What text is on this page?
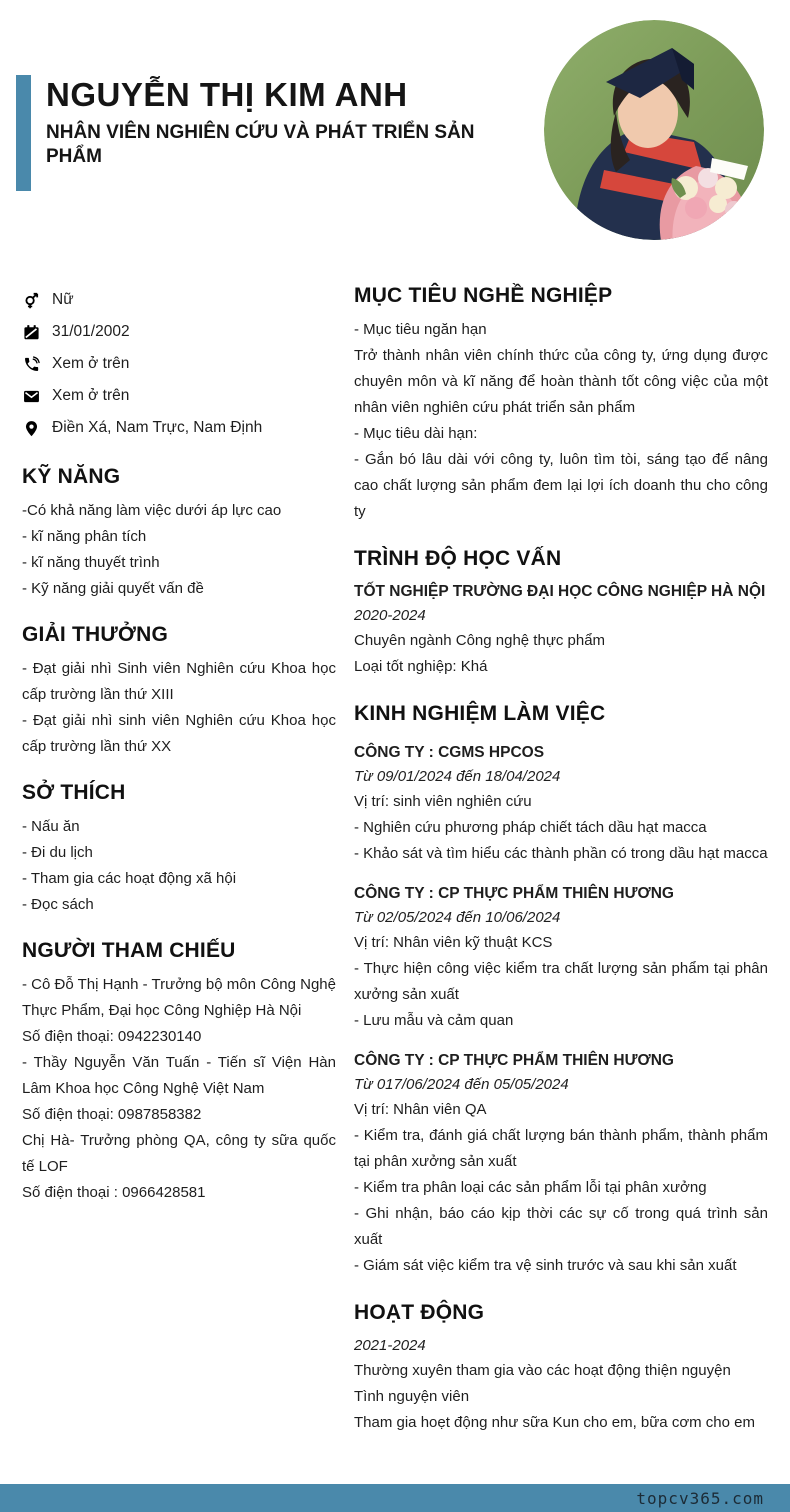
NGUYỄN THỊ KIM ANH
NHÂN VIÊN NGHIÊN CỨU VÀ PHÁT TRIỂN SẢN PHẨM
Nữ
31/01/2002
Xem ở trên
Xem ở trên
Điền Xá, Nam Trực, Nam Định
KỸ NĂNG
-Có khả năng làm việc dưới áp lực cao
- kĩ năng phân tích
- kĩ năng thuyết trình
- Kỹ năng giải quyết vấn đề
GIẢI THƯỞNG
- Đạt giải nhì Sinh viên Nghiên cứu Khoa học cấp trường lần thứ XIII
- Đạt giải nhì sinh viên Nghiên cứu Khoa học cấp trường lần thứ XX
SỞ THÍCH
- Nấu ăn
- Đi du lịch
- Tham gia các hoạt động xã hội
- Đọc sách
NGƯỜI THAM CHIẾU
- Cô Đỗ Thị Hạnh - Trưởng bộ môn Công Nghệ Thực Phẩm, Đại học Công Nghiệp Hà Nội
Số điện thoại: 0942230140
- Thầy Nguyễn Văn Tuấn - Tiến sĩ Viện Hàn Lâm Khoa học Công Nghệ Việt Nam
Số điện thoại: 0987858382
Chị Hà- Trưởng phòng QA, công ty sữa quốc tế LOF
Số điện thoại : 0966428581
MỤC TIÊU NGHỀ NGHIỆP
- Mục tiêu ngăn hạn
Trở thành nhân viên chính thức của công ty, ứng dụng được chuyên môn và kĩ năng để hoàn thành tốt công việc của một nhân viên nghiên cứu phát triển sản phẩm
- Mục tiêu dài hạn:
- Gắn bó lâu dài với công ty, luôn tìm tòi, sáng tạo để nâng cao chất lượng sản phẩm đem lại lợi ích doanh thu cho công ty
TRÌNH ĐỘ HỌC VẤN
TỐT NGHIỆP TRƯỜNG ĐẠI HỌC CÔNG NGHIỆP HÀ NỘI
2020-2024
Chuyên ngành Công nghệ thực phẩm
Loại tốt nghiệp: Khá
KINH NGHIỆM LÀM VIỆC
CÔNG TY : CGMS HPCOS
Từ 09/01/2024 đến 18/04/2024
Vị trí: sinh viên nghiên cứu
- Nghiên cứu phương pháp chiết tách dầu hạt macca
- Khảo sát và tìm hiểu các thành phần có trong dầu hạt macca
CÔNG TY : CP THỰC PHẨM THIÊN HƯƠNG
Từ 02/05/2024 đến 10/06/2024
Vị trí: Nhân viên kỹ thuật KCS
- Thực hiện công việc kiểm tra chất lượng sản phẩm tại phân xưởng sản xuất
- Lưu mẫu và cảm quan
CÔNG TY : CP THỰC PHẨM THIÊN HƯƠNG
Từ 017/06/2024 đến 05/05/2024
Vị trí: Nhân viên QA
- Kiểm tra, đánh giá chất lượng bán thành phẩm, thành phẩm tại phân xưởng sản xuất
- Kiểm tra phân loại các sản phẩm lỗi tại phân xưởng
- Ghi nhận, báo cáo kịp thời các sự cố trong quá trình sản xuất
- Giám sát việc kiểm tra vệ sinh trước và sau khi sản xuất
HOẠT ĐỘNG
2021-2024
Thường xuyên tham gia vào các hoạt động thiện nguyện
Tình nguyện viên
Tham gia hoẹt động như sữa Kun cho em, bữa cơm cho em
topcv365.com
